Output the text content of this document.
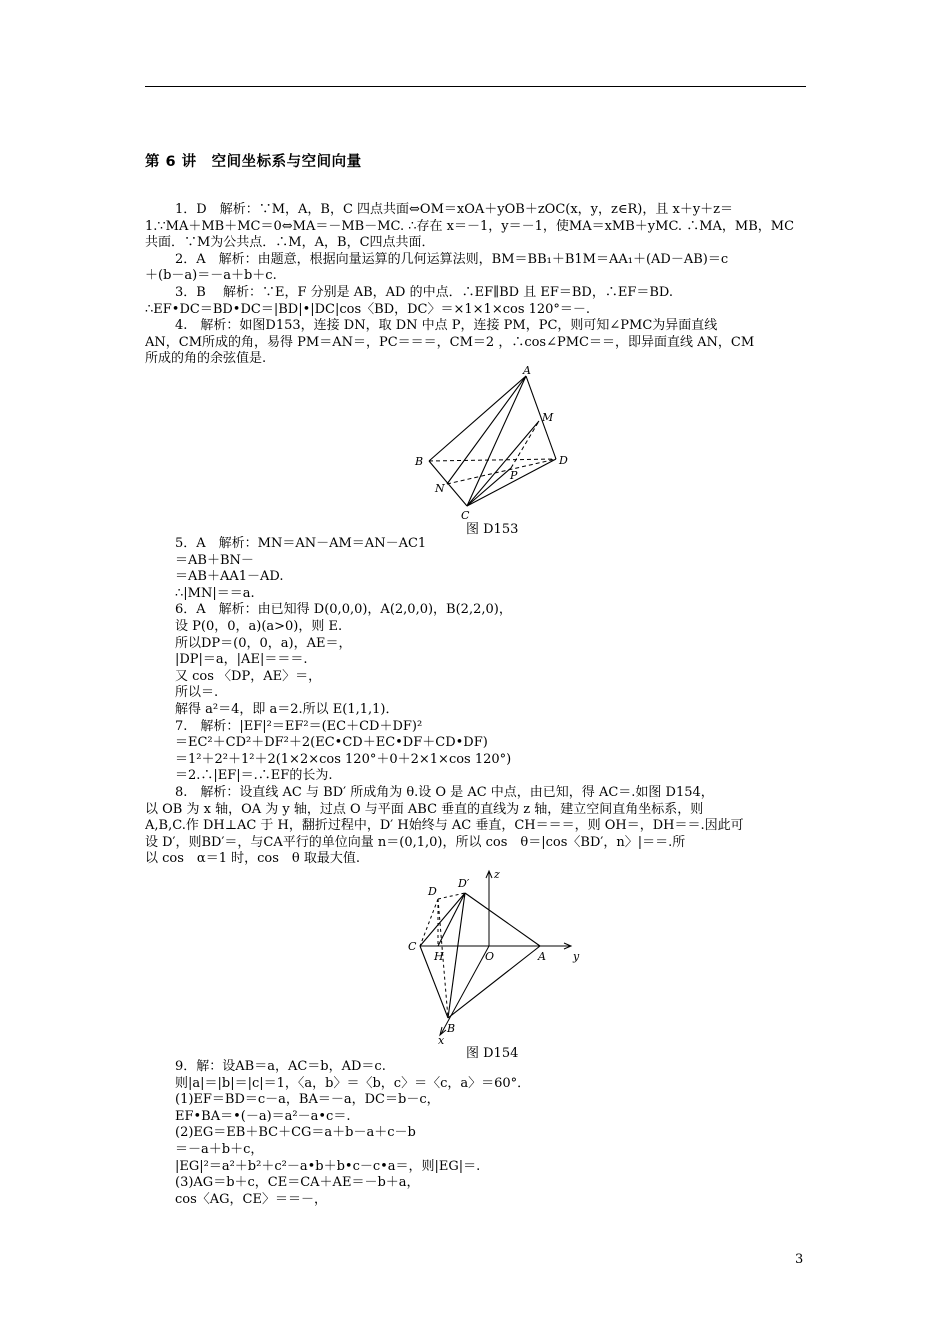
第 6 讲　空间坐标系与空间向量
1．D　解析：∵M，A，B，C 四点共面⇔OM＝xOA＋yOB＋zOC(x，y，z∈R)，且 x＋y＋z＝
1.∵MA＋MB＋MC＝0⇔MA＝－MB－MC. ∴存在 x＝－1，y＝－1，使MA＝xMB＋yMC. ∴MA，MB，MC
共面．∵M为公共点．∴M，A，B，C四点共面．
2．A　解析：由题意，根据向量运算的几何运算法则，BM＝BB₁＋B1M＝AA₁＋(AD－AB)＝c
＋(b－a)＝－a＋b＋c.
3．B　 解析：∵E，F 分别是 AB，AD 的中点．∴EF∥BD 且 EF＝BD，∴EF＝BD.
∴EF•DC＝BD•DC＝|BD|•|DC|cos〈BD，DC〉＝×1×1×cos 120°＝－.
4.　解析：如图D153，连接 DN，取 DN 中点 P，连接 PM，PC，则可知∠PMC为异面直线
AN，CM所成的角，易得 PM＝AN＝，PC＝＝＝，CM＝2 ，∴cos∠PMC＝＝，即异面直线 AN，CM
所成的角的余弦值是.
A
M
B	D
P
N
C
图 D153
5．A　解析：MN＝AN－AM＝AN－AC1
＝AB＋BN－
＝AB＋AA1－AD.
∴|MN|＝＝a.
6．A　解析：由已知得 D(0,0,0)，A(2,0,0)，B(2,2,0)，
设 P(0，0，a)(a>0)，则 E.
所以DP＝(0，0，a)，AE＝，
|DP|＝a，|AE|＝＝＝.
又 cos 〈DP，AE〉＝，
所以＝.
解得 a²＝4，即 a＝2.所以 E(1,1,1)．
7.　解析：|EF|²＝EF²＝(EC＋CD＋DF)²
＝EC²＋CD²＋DF²＋2(EC•CD＋EC•DF＋CD•DF)
＝1²＋2²＋1²＋2(1×2×cos 120°＋0＋2×1×cos 120°)
＝2.∴|EF|＝.∴EF的长为.
8.　解析：设直线 AC 与 BD′ 所成角为 θ.设 O 是 AC 中点，由已知，得 AC＝.如图 D154，
以 OB 为 x 轴，OA 为 y 轴，过点 O 与平面 ABC 垂直的直线为 z 轴，建立空间直角坐标系，则
A,B,C.作 DH⊥AC 于 H，翻折过程中，D′ H始终与 AC 垂直，CH＝＝＝，则 OH＝，DH＝＝.因此可
设 D′，则BD′＝，与CA平行的单位向量 n＝(0,1,0)，所以 cos　θ＝|cos〈BD′，n〉|＝＝.所
以 cos　α＝1 时，cos　θ 取最大值.
D
D′
z
C
H	O	A y
B
x
图 D154
9．解：设AB＝a，AC＝b，AD＝c.
则|a|＝|b|＝|c|＝1，〈a，b〉＝〈b，c〉＝〈c，a〉＝60°．
(1)EF＝BD＝c－a，BA＝－a，DC＝b－c，
EF•BA＝•(－a)＝a²－a•c＝.
(2)EG＝EB＋BC＋CG＝a＋b－a＋c－b
＝－a＋b＋c，
|EG|²＝a²＋b²＋c²－a•b＋b•c－c•a＝，则|EG|＝.
(3)AG＝b＋c，CE＝CA＋AE＝－b＋a，
cos〈AG，CE〉＝＝－，
3
